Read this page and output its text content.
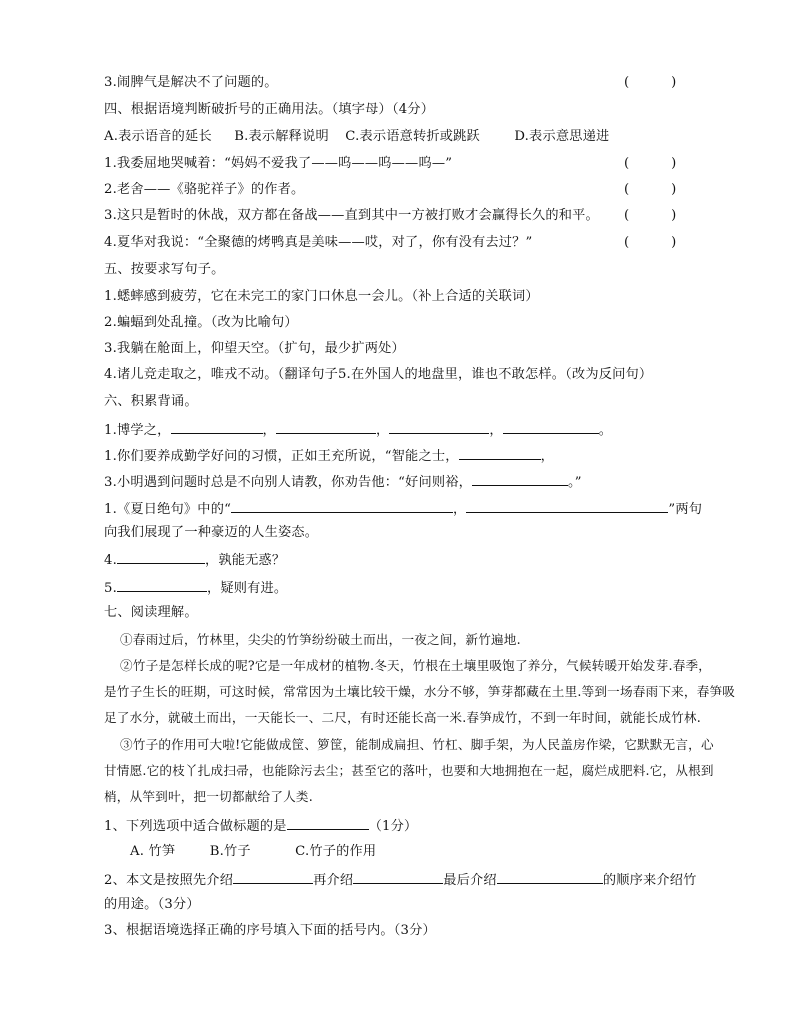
3.闹脾气是解决不了问题的。	(          )
四、根据语境判断破折号的正确用法。（填字母）（4分）
A.表示语音的延长 B.表示解释说明 C.表示语意转折或跳跃	D.表示意思递进
1.我委屈地哭喊着：“妈妈不爱我了——呜——呜——呜—”	(          )
2.老舍——《骆驼祥子》的作者。	(          )
3.这只是暂时的休战，双方都在备战——直到其中一方被打败才会赢得长久的和平。 (          )
4.夏华对我说：“全聚德的烤鸭真是美味——哎，对了，你有没有去过？”	(          )
五、按要求写句子。
1.蟋蟀感到疲劳，它在未完工的家门口休息一会儿。（补上合适的关联词）
2.蝙蝠到处乱撞。（改为比喻句）
3.我躺在舱面上，仰望天空。（扩句，最少扩两处）
4.诸儿竞走取之，唯戎不动。（翻译句子5.在外国人的地盘里，谁也不敢怎样。（改为反问句）
六、积累背诵。
1.博学之，	，	，	，	。
1.你们要养成勤学好问的习惯，正如王充所说，“智能之士，	，
3.小明遇到问题时总是不向别人请教，你劝告他：“好问则裕，	。”
1.《夏日绝句》中的“	，	”两句
向我们展现了一种豪迈的人生姿态。
4.	，孰能无惑？
5.	，疑则有进。
七、阅读理解。
①春雨过后，竹林里，尖尖的竹笋纷纷破土而出，一夜之间，新竹遍地.
②竹子是怎样长成的呢?它是一年成材的植物.冬天，竹根在土壤里吸饱了养分，气候转暖开始发芽.春季，
是竹子生长的旺期，可这时候，常常因为土壤比较干燥，水分不够，笋芽都藏在土里.等到一场春雨下来，春笋吸
足了水分，就破土而出，一天能长一、二尺，有时还能长高一米.春笋成竹，不到一年时间，就能长成竹林.
③竹子的作用可大啦!它能做成筐、箩筐，能制成扁担、竹杠、脚手架，为人民盖房作梁，它默默无言，心
甘情愿.它的枝丫扎成扫帚，也能除污去尘；甚至它的落叶，也要和大地拥抱在一起，腐烂成肥料.它，从根到
梢，从竿到叶，把一切都献给了人类.
1、下列选项中适合做标题的是	（1分）
A. 竹笋	B.竹子	C.竹子的作用
2、本文是按照先介绍	再介绍	最后介绍	的顺序来介绍竹
的用途。（3分）
3、根据语境选择正确的序号填入下面的括号内。（3分）
